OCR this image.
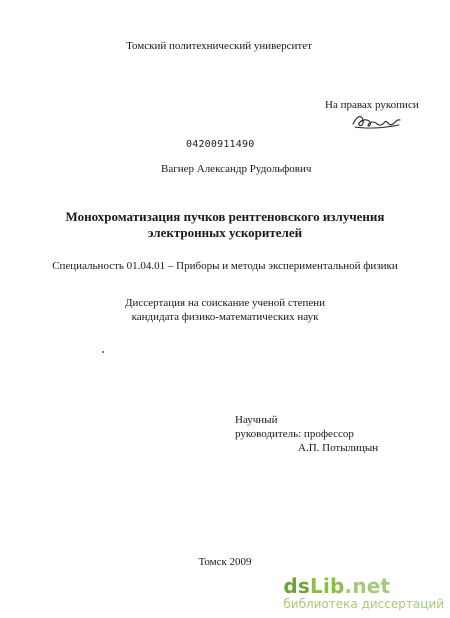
Томский политехнический университет
На правах рукописи
04200911490
Вагнер Александр Рудольфович
Монохроматизация пучков рентгеновского излучения
электронных ускорителей
Специальность 01.04.01 – Приборы и методы экспериментальной физики
Диссертация на соискание ученой степени
кандидата физико-математических наук
Научный
руководитель: профессор
А.П. Потылицын
Томск 2009
dsLib.net
библиотека диссертаций
